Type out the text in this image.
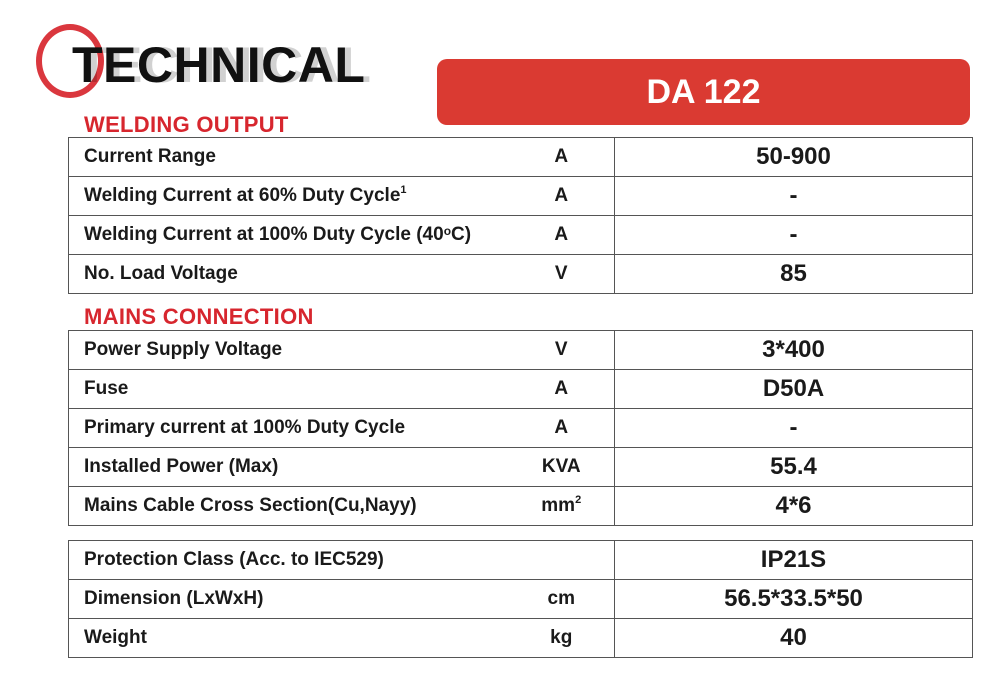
TECHNICAL	DA 122
WELDING OUTPUT
Current Range	A	50-900
Welding Current at 60% Duty Cycle$^1$	A	-
Welding Current at 100% Duty Cycle (40$^o$C)	A	-
No. Load Voltage	V	85
MAINS CONNECTION
Power Supply Voltage	V	3*400
Fuse	A	D50A
Primary current at 100% Duty Cycle	A	-
Installed Power (Max)	KVA	55.4
Mains Cable Cross Section(Cu,Nayy)	$mm^2$	4*6
Protection Class (Acc. to IEC529)		IP21S
Dimension (LxWxH)	cm	56.5*33.5*50
Weight	kg	40
